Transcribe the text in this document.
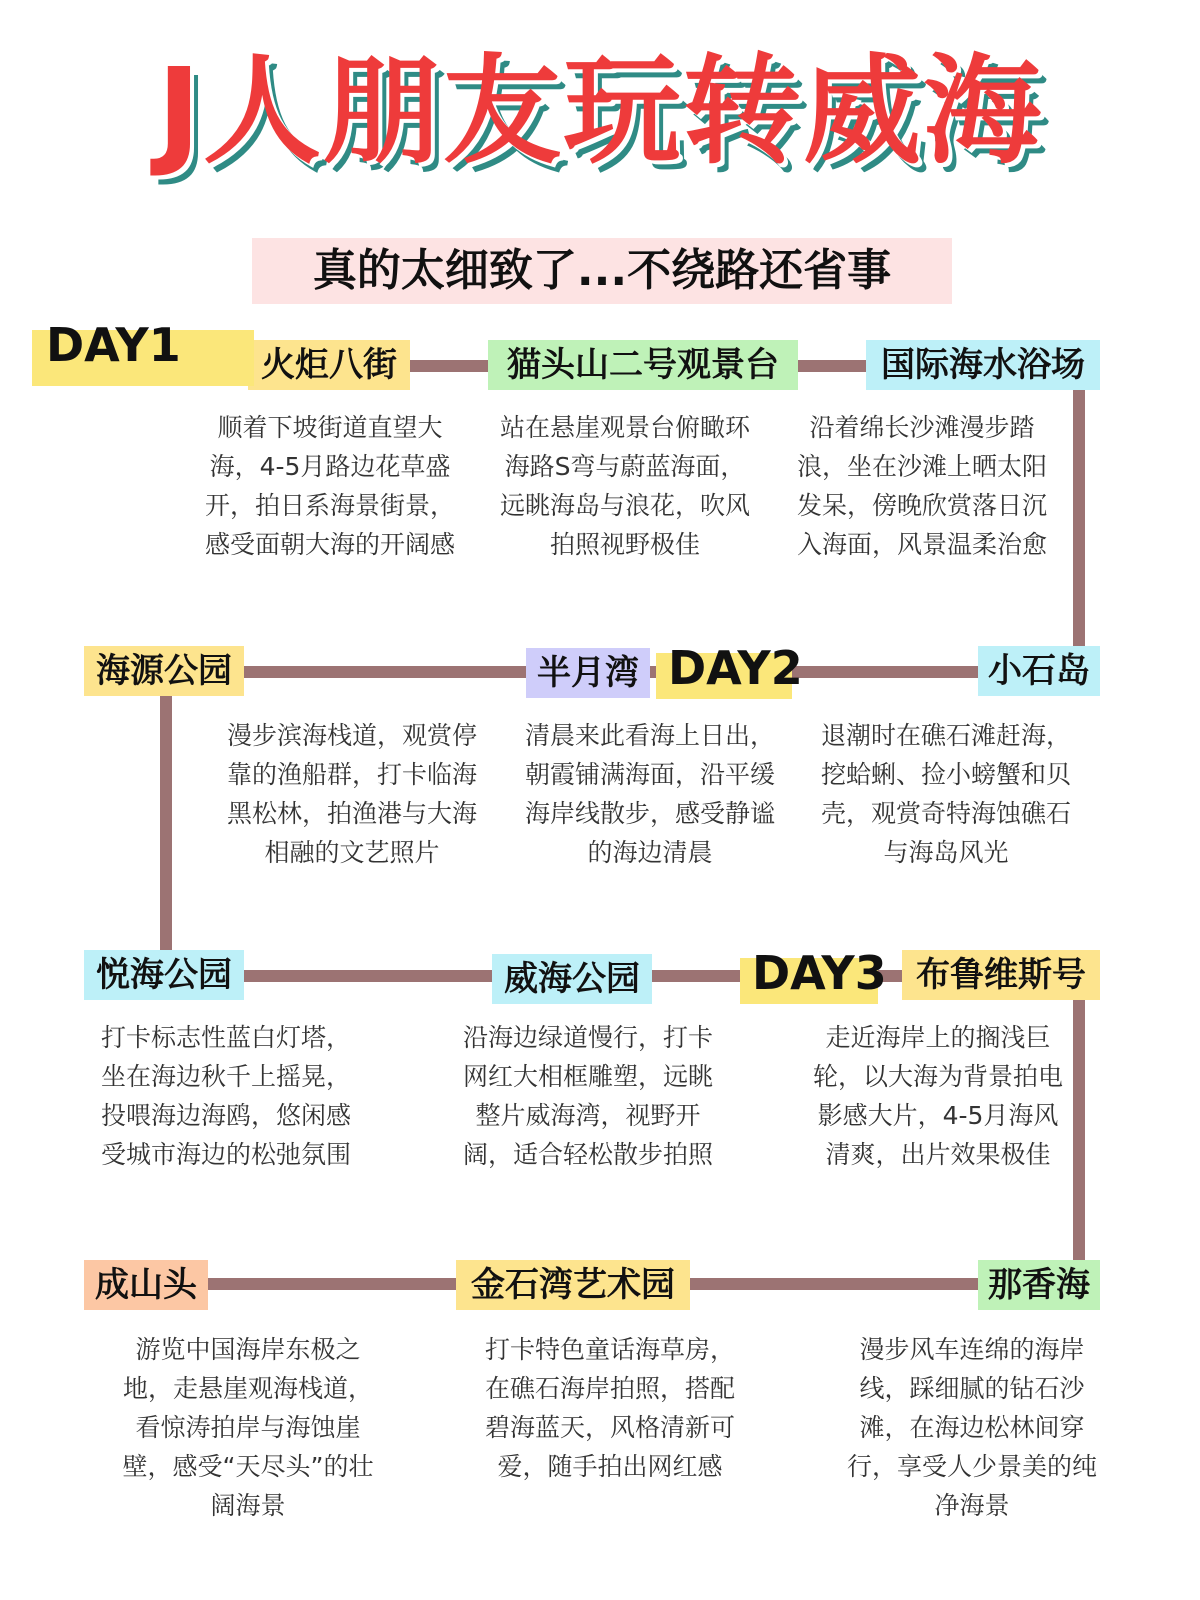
J人朋友玩转威海
真的太细致了...不绕路还省事
DAY1
DAY2
DAY3
火炬八街	猫头山二号观景台	国际海水浴场
顺着下坡街道直望大海，4-5月路边花草盛开，拍日系海景街景，感受面朝大海的开阔感
站在悬崖观景台俯瞰环海路S弯与蔚蓝海面，远眺海岛与浪花，吹风拍照视野极佳
沿着绵长沙滩漫步踏浪，坐在沙滩上晒太阳发呆，傍晚欣赏落日沉入海面，风景温柔治愈
海源公园	半月湾	小石岛
漫步滨海栈道，观赏停靠的渔船群，打卡临海黑松林，拍渔港与大海相融的文艺照片
清晨来此看海上日出，朝霞铺满海面，沿平缓海岸线散步，感受静谧的海边清晨
退潮时在礁石滩赶海，挖蛤蜊、捡小螃蟹和贝壳，观赏奇特海蚀礁石与海岛风光
悦海公园	威海公园	布鲁维斯号
打卡标志性蓝白灯塔，坐在海边秋千上摇晃，投喂海边海鸥，悠闲感受城市海边的松弛氛围
沿海边绿道慢行，打卡网红大相框雕塑，远眺整片威海湾，视野开阔，适合轻松散步拍照
走近海岸上的搁浅巨轮，以大海为背景拍电影感大片，4-5月海风清爽，出片效果极佳
成山头	金石湾艺术园	那香海
游览中国海岸东极之地，走悬崖观海栈道，看惊涛拍岸与海蚀崖壁，感受“天尽头”的壮阔海景
打卡特色童话海草房，在礁石海岸拍照，搭配碧海蓝天，风格清新可爱，随手拍出网红感
漫步风车连绵的海岸线，踩细腻的钻石沙滩，在海边松林间穿行，享受人少景美的纯净海景
